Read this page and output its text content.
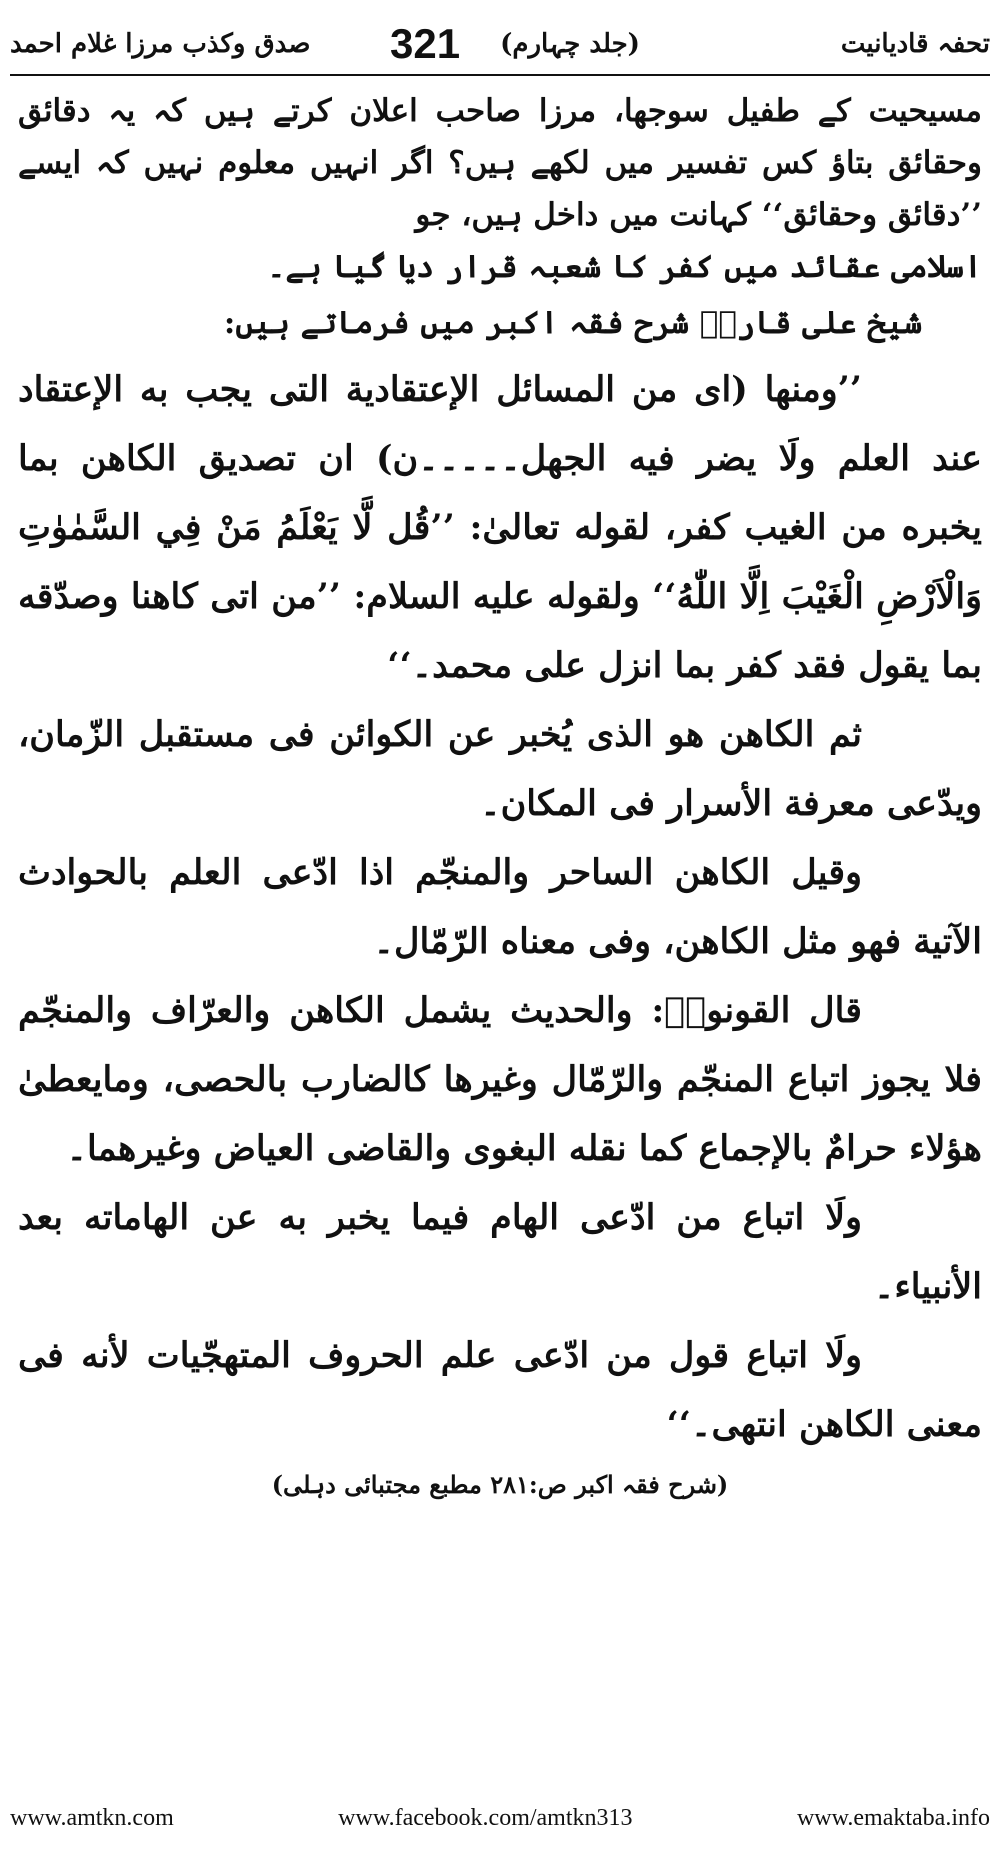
صدق وکذب مرزا غلام احمد	321 (جلد چہارم)	تحفہ قادیانیت

مسیحیت کے طفیل سوجھا، مرزا صاحب اعلان کرتے ہیں کہ یہ دقائق وحقائق بتاؤ کس تفسیر میں لکھے ہیں؟ اگر انہیں معلوم نہیں کہ ایسے ’’دقائق وحقائق‘‘ کہانت میں داخل ہیں، جو

اسلامی عقائد میں کفر کا شعبہ قرار دیا گیا ہے۔

شیخ علی قاریؒ شرح فقہ اکبر میں فرماتے ہیں:

’’ومنها (ای من المسائل الإعتقادية التی يجب به الإعتقاد عند العلم ولَا يضر فيه الجهل۔۔۔۔۔ن) ان تصديق الكاهن بما يخبره من الغيب كفر، لقوله تعالیٰ: ’’قُل لَّا يَعْلَمُ مَنْ فِي السَّمٰوٰتِ وَالْاَرْضِ الْغَيْبَ اِلَّا اللّٰهُ‘‘ ولقوله عليه السلام: ’’من اتی كاهنا وصدّقه بما يقول فقد كفر بما انزل علی محمد۔‘‘

ثم الكاهن هو الذی يُخبر عن الكوائن فی مستقبل الزّمان، ويدّعی معرفة الأسرار فی المكان۔

وقيل الكاهن الساحر والمنجّم اذا ادّعی العلم بالحوادث الآتية فهو مثل الكاهن، وفی معناه الرّمّال۔

قال القونویؒ: والحديث يشمل الكاهن والعرّاف والمنجّم فلا يجوز اتباع المنجّم والرّمّال وغيرها كالضارب بالحصی، ومايعطیٰ هؤلاء حرامٌ بالإجماع كما نقله البغوی والقاضی العياض وغيرهما۔

ولَا اتباع من ادّعی الهام فيما يخبر به عن الهاماته بعد الأنبياء۔

ولَا اتباع قول من ادّعی علم الحروف المتهجّيات لأنه فی معنی الكاهن انتهی۔‘‘

(شرح فقہ اکبر ص:۲۸۱ مطبع مجتبائی دہلی)
www.amtkn.com	www.facebook.com/amtkn313	www.emaktaba.info
